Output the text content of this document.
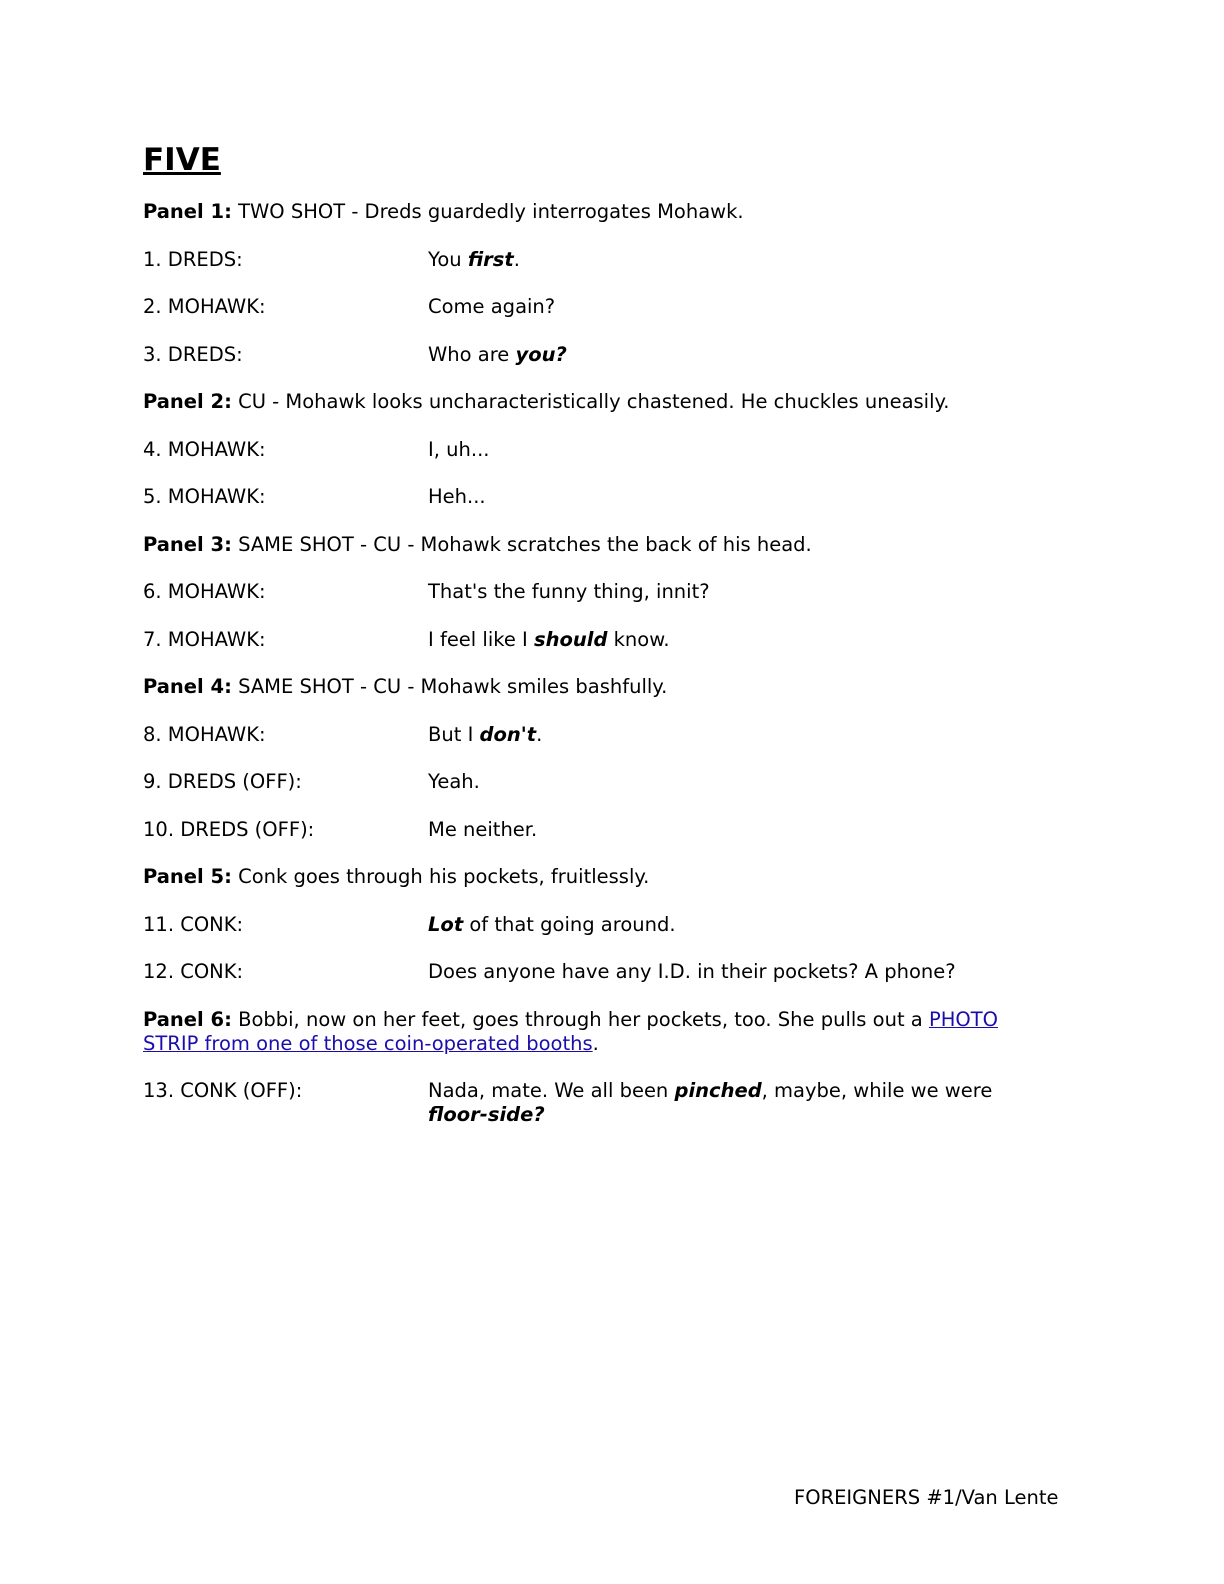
FIVE
Panel 1: TWO SHOT - Dreds guardedly interrogates Mohawk.
1. DREDS:	You first.
2. MOHAWK:	Come again?
3. DREDS:	Who are you?
Panel 2: CU - Mohawk looks uncharacteristically chastened. He chuckles uneasily.
4. MOHAWK:	I, uh...
5. MOHAWK:	Heh...
Panel 3: SAME SHOT - CU - Mohawk scratches the back of his head.
6. MOHAWK:	That's the funny thing, innit?
7. MOHAWK:	I feel like I should know.
Panel 4: SAME SHOT - CU - Mohawk smiles bashfully.
8. MOHAWK:	But I don't.
9. DREDS (OFF):	Yeah.
10. DREDS (OFF):	Me neither.
Panel 5: Conk goes through his pockets, fruitlessly.
11. CONK:	Lot of that going around.
12. CONK:	Does anyone have any I.D. in their pockets? A phone?
Panel 6: Bobbi, now on her feet, goes through her pockets, too. She pulls out a PHOTO STRIP from one of those coin-operated booths.
13. CONK (OFF):	Nada, mate. We all been pinched, maybe, while we were floor-side?
FOREIGNERS #1/Van Lente
